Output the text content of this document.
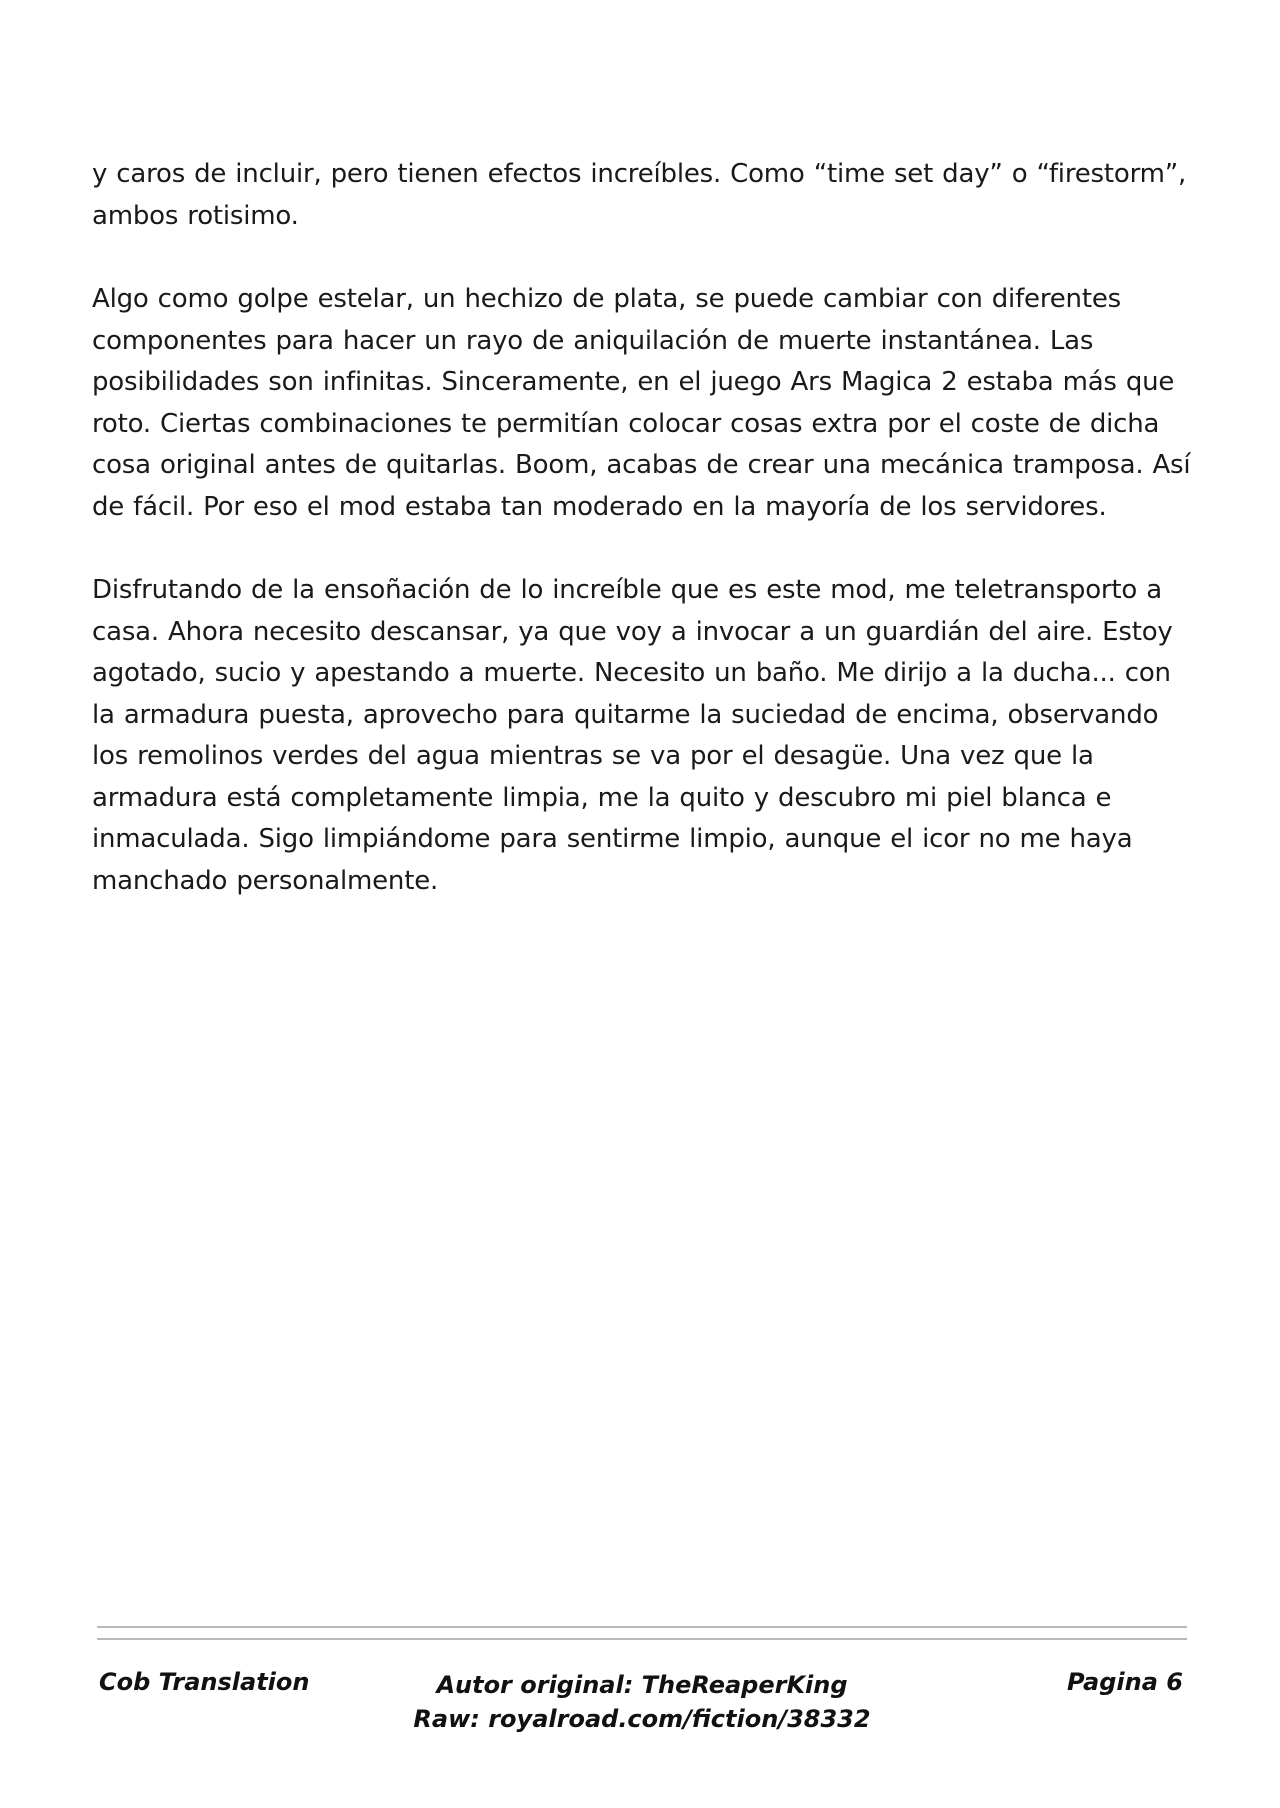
y caros de incluir, pero tienen efectos increíbles. Como “time set day” o “firestorm”, ambos rotisimo.

Algo como golpe estelar, un hechizo de plata, se puede cambiar con diferentes componentes para hacer un rayo de aniquilación de muerte instantánea. Las posibilidades son infinitas. Sinceramente, en el juego Ars Magica 2 estaba más que roto. Ciertas combinaciones te permitían colocar cosas extra por el coste de dicha cosa original antes de quitarlas. Boom, acabas de crear una mecánica tramposa. Así de fácil. Por eso el mod estaba tan moderado en la mayoría de los servidores.

Disfrutando de la ensoñación de lo increíble que es este mod, me teletransporto a casa. Ahora necesito descansar, ya que voy a invocar a un guardián del aire. Estoy agotado, sucio y apestando a muerte. Necesito un baño. Me dirijo a la ducha... con la armadura puesta, aprovecho para quitarme la suciedad de encima, observando los remolinos verdes del agua mientras se va por el desagüe. Una vez que la armadura está completamente limpia, me la quito y descubro mi piel blanca e inmaculada. Sigo limpiándome para sentirme limpio, aunque el icor no me haya manchado personalmente.

Cob Translation	Autor original: TheReaperKing
Raw: royalroad.com/fiction/38332
Pagina 6
